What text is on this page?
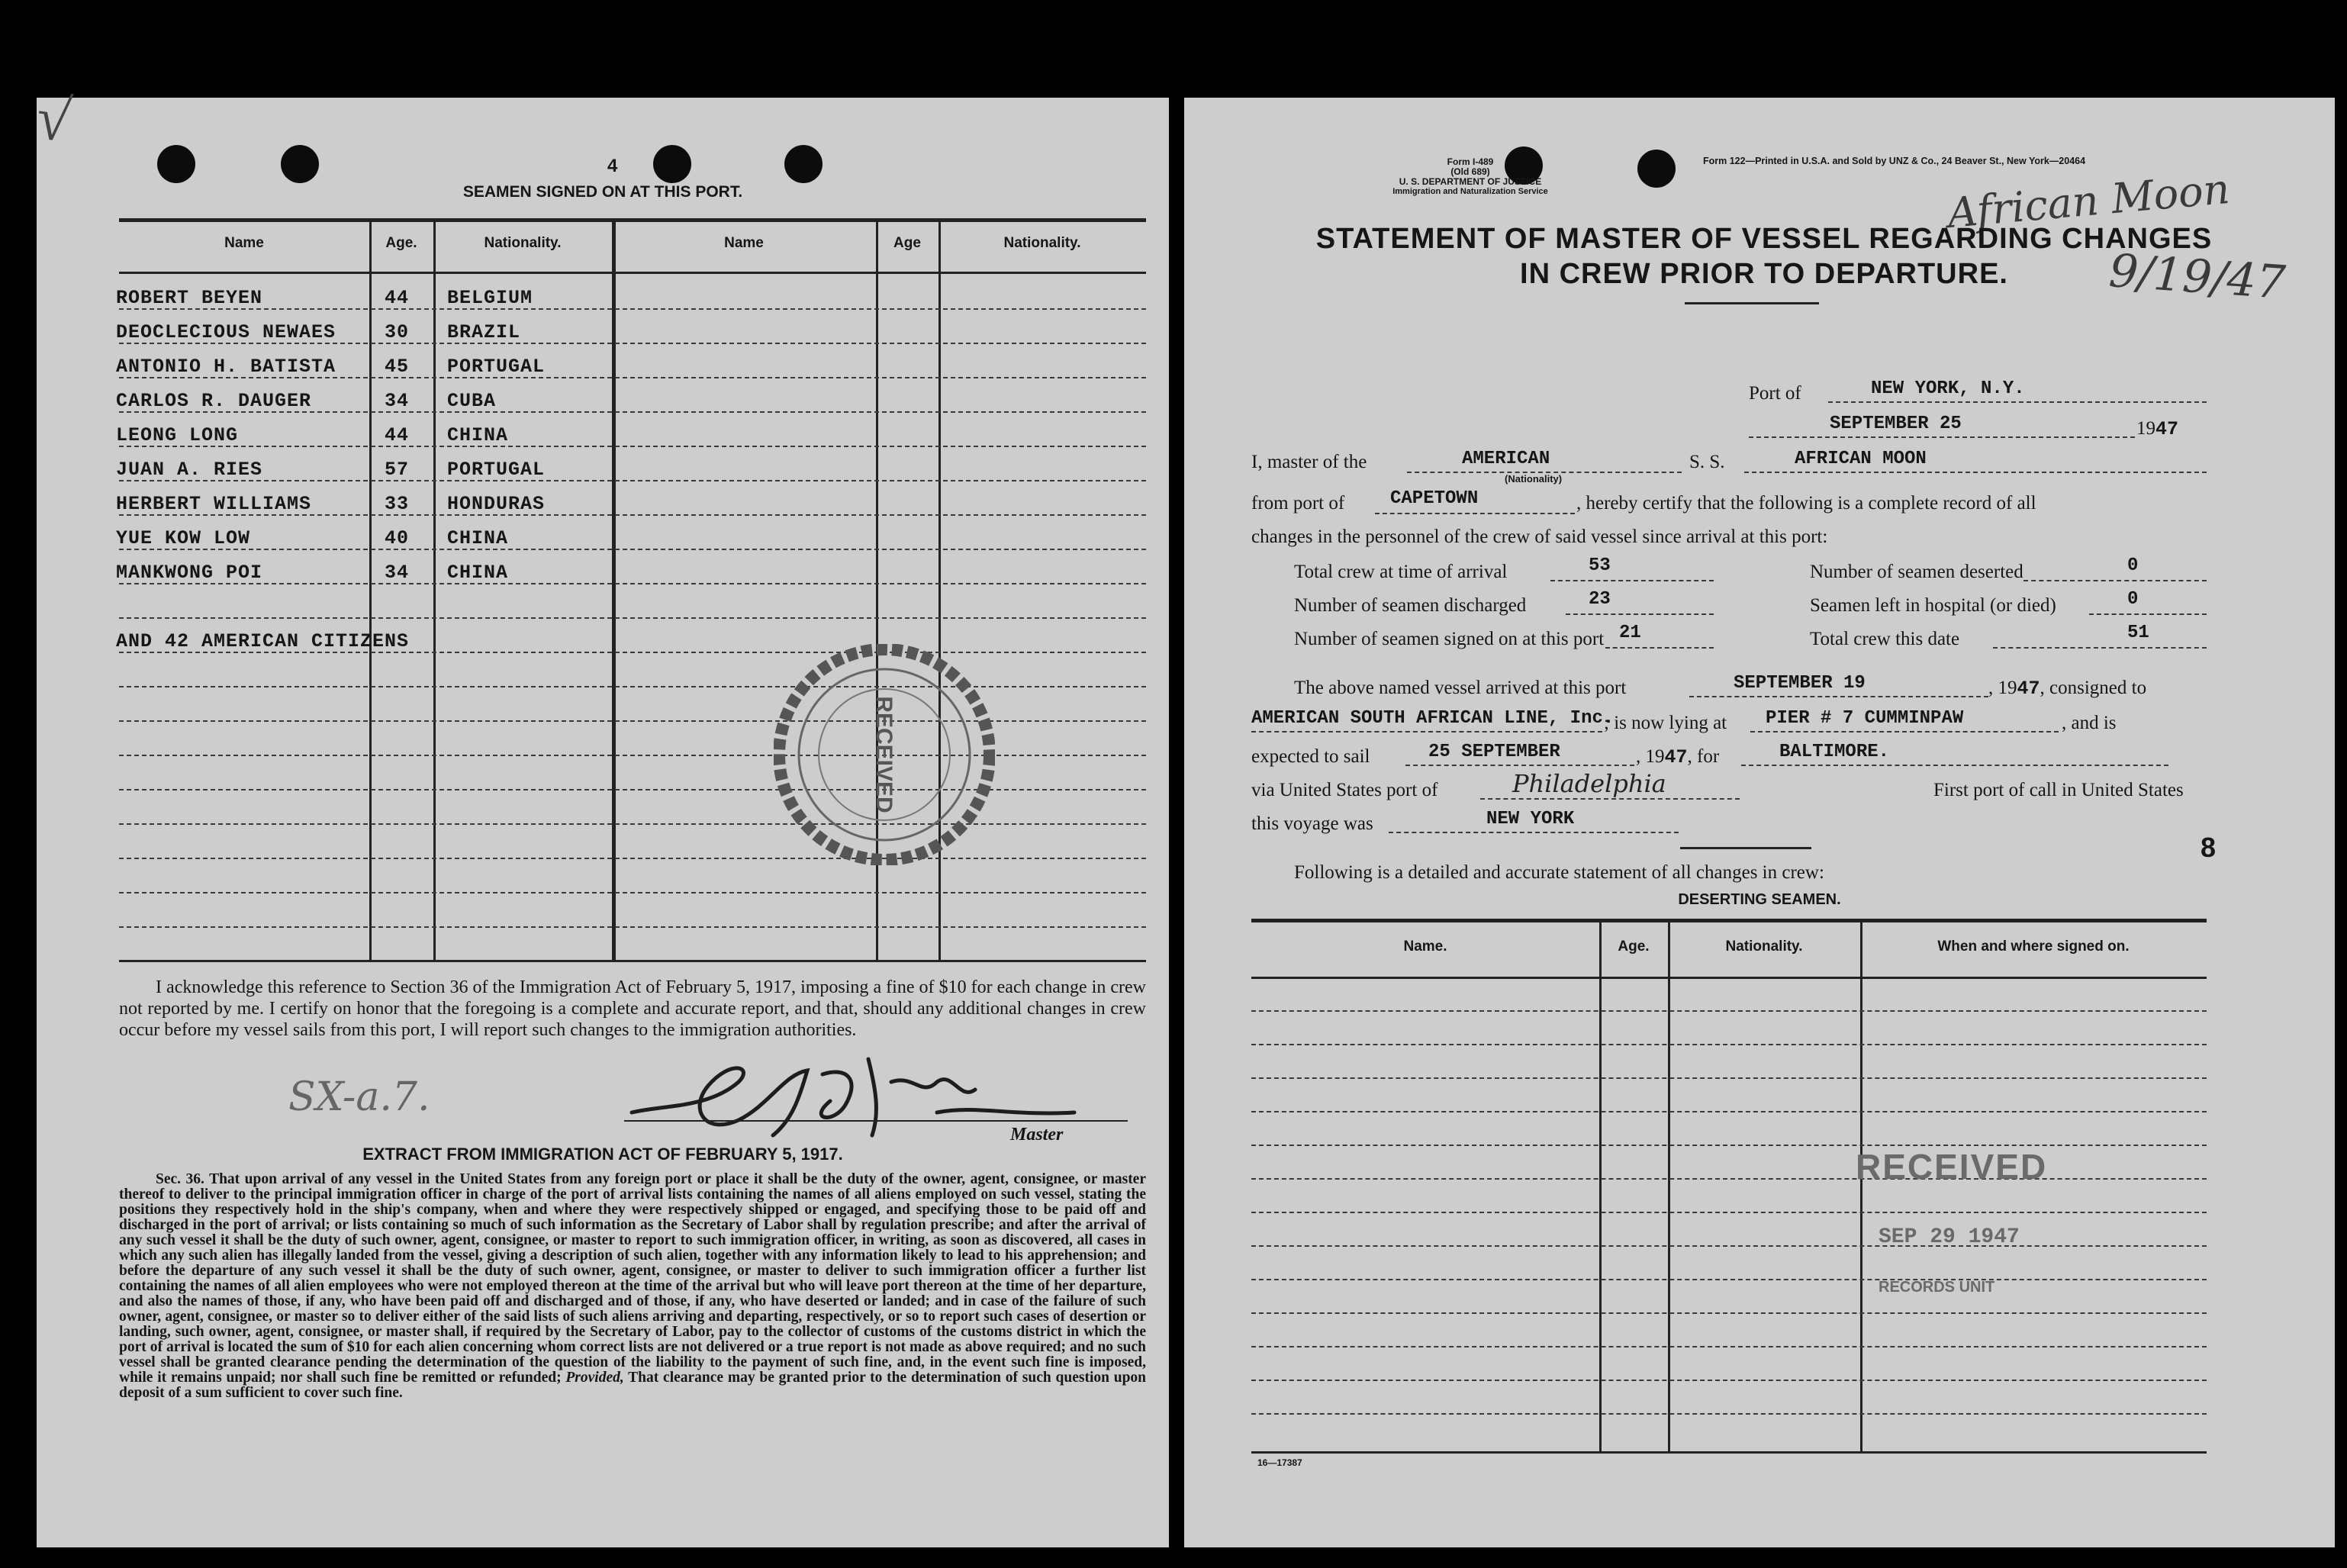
√
4
SEAMEN SIGNED ON AT THIS PORT.
Name	Age.	Nationality.	Name	Age	Nationality.
ROBERT BEYEN	44 BELGIUM
DEOCLECIOUS NEWAES	30 BRAZIL
ANTONIO H. BATISTA	45 PORTUGAL
CARLOS R. DAUGER	34 CUBA
LEONG LONG	44 CHINA
JUAN A. RIES	57 PORTUGAL
HERBERT WILLIAMS	33 HONDURAS
YUE KOW LOW	40 CHINA
MANKWONG POI	34 CHINA
AND 42 AMERICAN CITIZENS
RECEIVED
I acknowledge this reference to Section 36 of the Immigration Act of February 5, 1917, imposing a fine of $10 for each change in crew not reported by me. I certify on honor that the foregoing is a complete and accurate report, and that, should any additional changes in crew occur before my vessel sails from this port, I will report such changes to the immigration authorities.
SX-a.7.
Master
EXTRACT FROM IMMIGRATION ACT OF FEBRUARY 5, 1917.
Sec. 36. That upon arrival of any vessel in the United States from any foreign port or place it shall be the duty of the owner, agent, consignee, or master thereof to deliver to the principal immigration officer in charge of the port of arrival lists containing the names of all aliens employed on such vessel, stating the positions they respectively hold in the ship's company, when and where they were respectively shipped or engaged, and specifying those to be paid off and discharged in the port of arrival; or lists containing so much of such information as the Secretary of Labor shall by regulation prescribe; and after the arrival of any such vessel it shall be the duty of such owner, agent, consignee, or master to report to such immigration officer, in writing, as soon as discovered, all cases in which any such alien has illegally landed from the vessel, giving a description of such alien, together with any information likely to lead to his apprehension; and before the departure of any such vessel it shall be the duty of such owner, agent, consignee, or master to deliver to such immigration officer a further list containing the names of all alien employees who were not employed thereon at the time of the arrival but who will leave port thereon at the time of her departure, and also the names of those, if any, who have been paid off and discharged and of those, if any, who have deserted or landed; and in case of the failure of such owner, agent, consignee, or master so to deliver either of the said lists of such aliens arriving and departing, respectively, or so to report such cases of desertion or landing, such owner, agent, consignee, or master shall, if required by the Secretary of Labor, pay to the collector of customs of the customs district in which the port of arrival is located the sum of $10 for each alien concerning whom correct lists are not delivered or a true report is not made as above required; and no such vessel shall be granted clearance pending the determination of the question of the liability to the payment of such fine, and, in the event such fine is imposed, while it remains unpaid; nor shall such fine be remitted or refunded; Provided, That clearance may be granted prior to the determination of such question upon deposit of a sum sufficient to cover such fine.
Form I-489
(Old 689)
U. S. DEPARTMENT OF JUSTICE
Immigration and Naturalization Service
Form 122—Printed in U.S.A. and Sold by UNZ & Co., 24 Beaver St., New York—20464
African Moon
STATEMENT OF MASTER OF VESSEL REGARDING CHANGES
IN CREW PRIOR TO DEPARTURE.	9/19/47
Port of	NEW YORK, N.Y.
SEPTEMBER 25	1947
I, master of the	AMERICAN
(Nationality)
S. S.	AFRICAN MOON
from port of CAPETOWN	, hereby certify that the following is a complete record of all
changes in the personnel of the crew of said vessel since arrival at this port:
Total crew at time of arrival	53	Number of seamen deserted	0
Number of seamen discharged	23	Seamen left in hospital (or died)	0
Number of seamen signed on at this port 21	Total crew this date	51
The above named vessel arrived at this port	SEPTEMBER 19	, 1947, consigned to
AMERICAN SOUTH AFRICAN LINE, Inc.
; is now lying at PIER # 7 CUMMINPAW	, and is
expected to sail	25 SEPTEMBER	, 1947, for	BALTIMORE.
via United States port of	Philadelphia	First port of call in United States
this voyage was	NEW YORK
8
Following is a detailed and accurate statement of all changes in crew:
DESERTING SEAMEN.
Name.	Age.	Nationality.	When and where signed on.
RECEIVED
SEP 29 1947
RECORDS UNIT
16—17387
